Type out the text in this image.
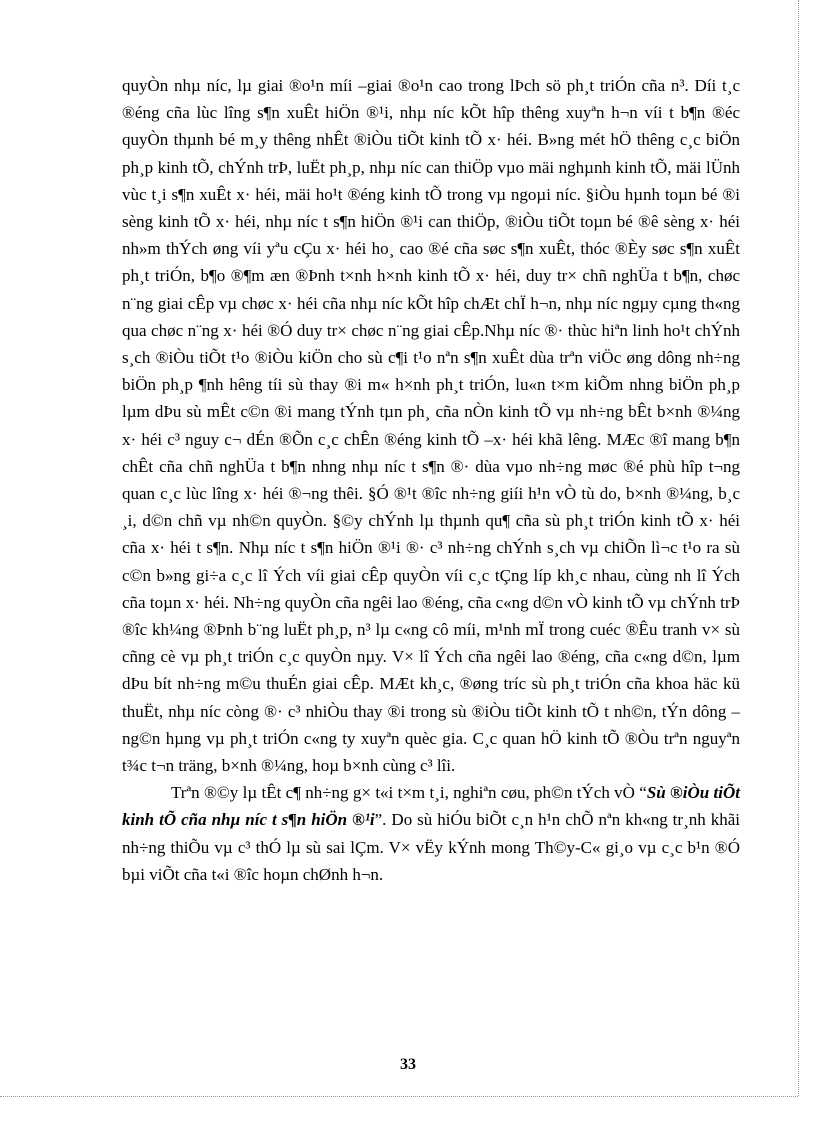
quyÒn nhµ níc, lµ giai ®o¹n míi –giai ®o¹n cao trong lÞch sö ph¸t triÓn cña n³. Díi t¸c ®éng cña lùc lîng s¶n xuÊt hiÖn ®¹i, nhµ níc kÕt hîp thêng xuyªn h¬n víi t b¶n ®éc quyÒn thµnh bé m¸y thêng nhÊt ®iÒu tiÕt kinh tÕ x· héi. B»ng mét hÖ thêng c¸c biÖn ph¸p kinh tÕ, chÝnh trÞ, luËt ph¸p, nhµ níc can thiÖp vµo mäi nghµnh kinh tÕ, mäi lÜnh vùc t¸i s¶n xuÊt x· héi, mäi ho¹t ®éng kinh tÕ trong vµ ngoµi níc. §iÒu hµnh toµn bé ®i sèng kinh tÕ x· héi, nhµ níc t s¶n hiÖn ®¹i can thiÖp, ®iÒu tiÕt toµn bé ®ê sèng x· héi nh»m thÝch øng víi yªu cÇu x· héi ho¸ cao ®é cña søc s¶n xuÊt, thóc ®Èy søc s¶n xuÊt ph¸t triÓn, b¶o ®¶m æn ®Þnh t×nh h×nh kinh tÕ x· héi, duy tr× chñ nghÜa t b¶n, chøc n¨ng giai cÊp vµ chøc x· héi cña nhµ níc kÕt hîp chÆt chÏ h¬n, nhµ níc ngµy cµng th«ng qua chøc n¨ng x· héi ®Ó duy tr× chøc n¨ng giai cÊp.Nhµ níc ®· thùc hiªn linh ho¹t chÝnh s¸ch ®iÒu tiÕt t¹o ®iÒu kiÖn cho sù c¶i t¹o nªn s¶n xuÊt dùa trªn viÖc øng dông nh÷ng biÖn ph¸p ¶nh hêng tíi sù thay ®i m« h×nh ph¸t triÓn, lu«n t×m kiÕm nhng biÖn ph¸p lµm dÞu sù mÊt c©n ®i mang tÝnh tµn ph¸ cña nÒn kinh tÕ vµ nh÷ng bÊt b×nh ®¼ng x· héi c³ nguy c¬ dÉn ®Õn c¸c chÊn ®éng kinh tÕ –x· héi khã lêng. MÆc ®î mang b¶n chÊt cña chñ nghÜa t b¶n nhng nhµ níc t s¶n ®· dùa vµo nh÷ng møc ®é phù hîp t¬ng quan c¸c lùc lîng x· héi ®¬ng thêi. §Ó ®¹t ®îc nh÷ng giíi h¹n vÒ tù do, b×nh ®¼ng, b¸c ¸i, d©n chñ vµ nh©n quyÒn. §©y chÝnh lµ thµnh qu¶ cña sù ph¸t triÓn kinh tÕ x· héi cña x· héi t s¶n. Nhµ níc t s¶n hiÖn ®¹i ®· c³ nh÷ng chÝnh s¸ch vµ chiÕn lì¬c t¹o ra sù c©n b»ng gi÷a c¸c lî Ých víi giai cÊp quyÒn víi c¸c tÇng líp kh¸c nhau, cùng nh lî Ých cña toµn x· héi. Nh÷ng quyÒn cña ngêi lao ®éng, cña c«ng d©n vÒ kinh tÕ vµ chÝnh trÞ ®îc kh¼ng ®Þnh b¨ng luËt ph¸p, n³ lµ c«ng cô míi, m¹nh mÏ trong cuéc ®Êu tranh v× sù cñng cè vµ ph¸t triÓn c¸c quyÒn nµy. V× lî Ých cña ngêi lao ®éng, cña c«ng d©n, lµm dÞu bít nh÷ng m©u thuÉn giai cÊp. MÆt kh¸c, ®øng tríc sù ph¸t triÓn cña khoa häc kü thuËt, nhµ níc còng ®· c³ nhiÒu thay ®i trong sù ®iÒu tiÕt kinh tÕ t nh©n, tÝn dông –ng©n hµng vµ ph¸t triÓn c«ng ty xuyªn quèc gia. C¸c quan hÖ kinh tÕ ®Òu trªn nguyªn t¾c t¬n träng, b×nh ®¼ng, hoµ b×nh cùng c³ lîi.

Trªn ®©y lµ tÊt c¶ nh÷ng g× t«i t×m t¸i, nghiªn cøu, ph©n tÝch vÒ “Sù ®iÒu tiÕt kinh tÕ cña nhµ níc t s¶n hiÖn ®¹i”. Do sù hiÓu biÕt c¸n h¹n chÕ nªn kh«ng tr¸nh khãi nh÷ng thiÕu vµ c³ thÓ lµ sù sai lÇm. V× vËy kÝnh mong Th©y-C« gi¸o vµ c¸c b¹n ®Ó bµi viÕt cña t«i ®îc hoµn chØnh h¬n.

33
